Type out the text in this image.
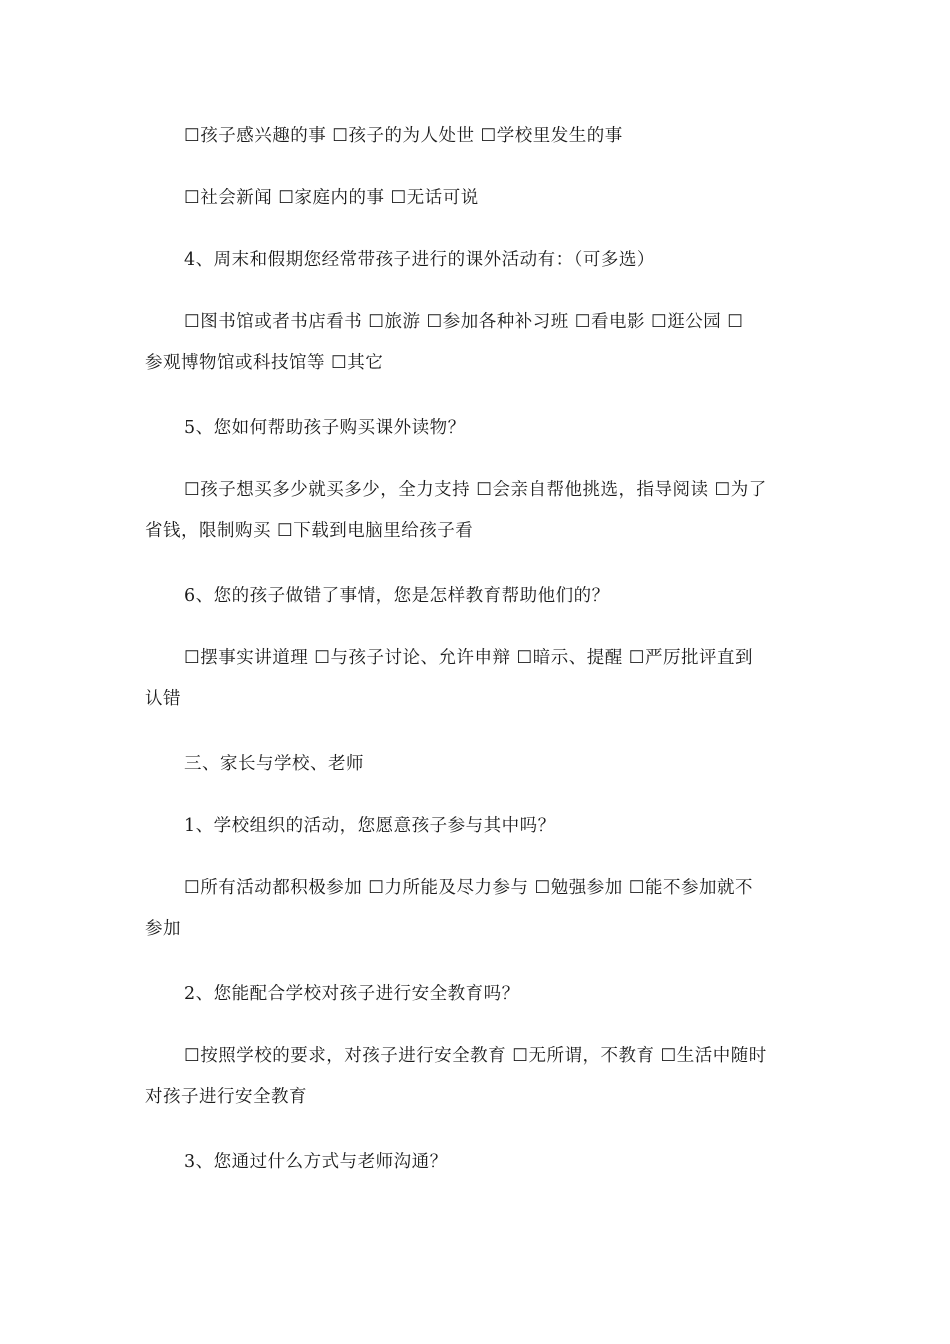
☐孩子感兴趣的事 ☐孩子的为人处世 ☐学校里发生的事
☐社会新闻 ☐家庭内的事 ☐无话可说
4、周末和假期您经常带孩子进行的课外活动有：（可多选）
☐图书馆或者书店看书 ☐旅游 ☐参加各种补习班 ☐看电影 ☐逛公园 ☐
参观博物馆或科技馆等 ☐其它
5、您如何帮助孩子购买课外读物？
☐孩子想买多少就买多少，全力支持 ☐会亲自帮他挑选，指导阅读 ☐为了
省钱，限制购买 ☐下载到电脑里给孩子看
6、您的孩子做错了事情，您是怎样教育帮助他们的？
☐摆事实讲道理 ☐与孩子讨论、允许申辩 ☐暗示、提醒 ☐严厉批评直到
认错
三、家长与学校、老师
1、学校组织的活动，您愿意孩子参与其中吗？
☐所有活动都积极参加 ☐力所能及尽力参与 ☐勉强参加 ☐能不参加就不
参加
2、您能配合学校对孩子进行安全教育吗？
☐按照学校的要求，对孩子进行安全教育 ☐无所谓，不教育 ☐生活中随时
对孩子进行安全教育
3、您通过什么方式与老师沟通？
